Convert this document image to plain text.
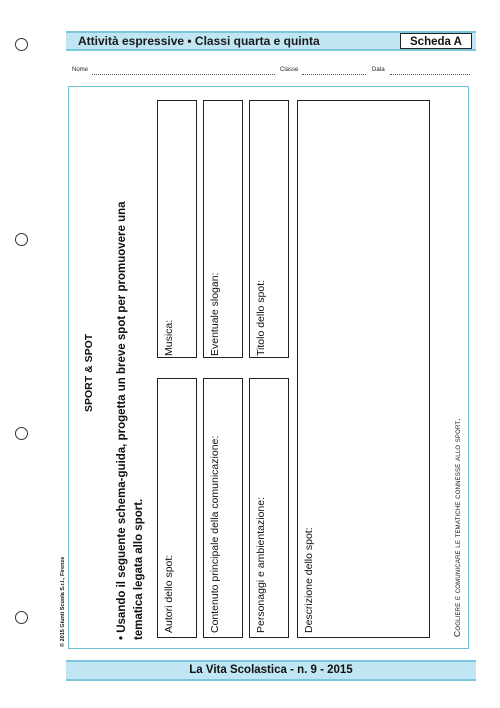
Attività espressive • Classi quarta e quinta	Scheda A
Nome	Classe	Data
© 2015 Giunti Scuola S.r.l., Firenze
SPORT & SPOT • Usando il seguente schema-guida, progetta un breve spot per promuovere una tematica legata allo sport.
Musica:
Autori dello spot:
Eventuale slogan:
Contenuto principale della comunicazione:
Titolo dello spot:
Personaggi e ambientazione:	Descrizione dello spot:	Cogliere e comunicare le tematiche connesse allo sport.
La Vita Scolastica - n. 9 - 2015
